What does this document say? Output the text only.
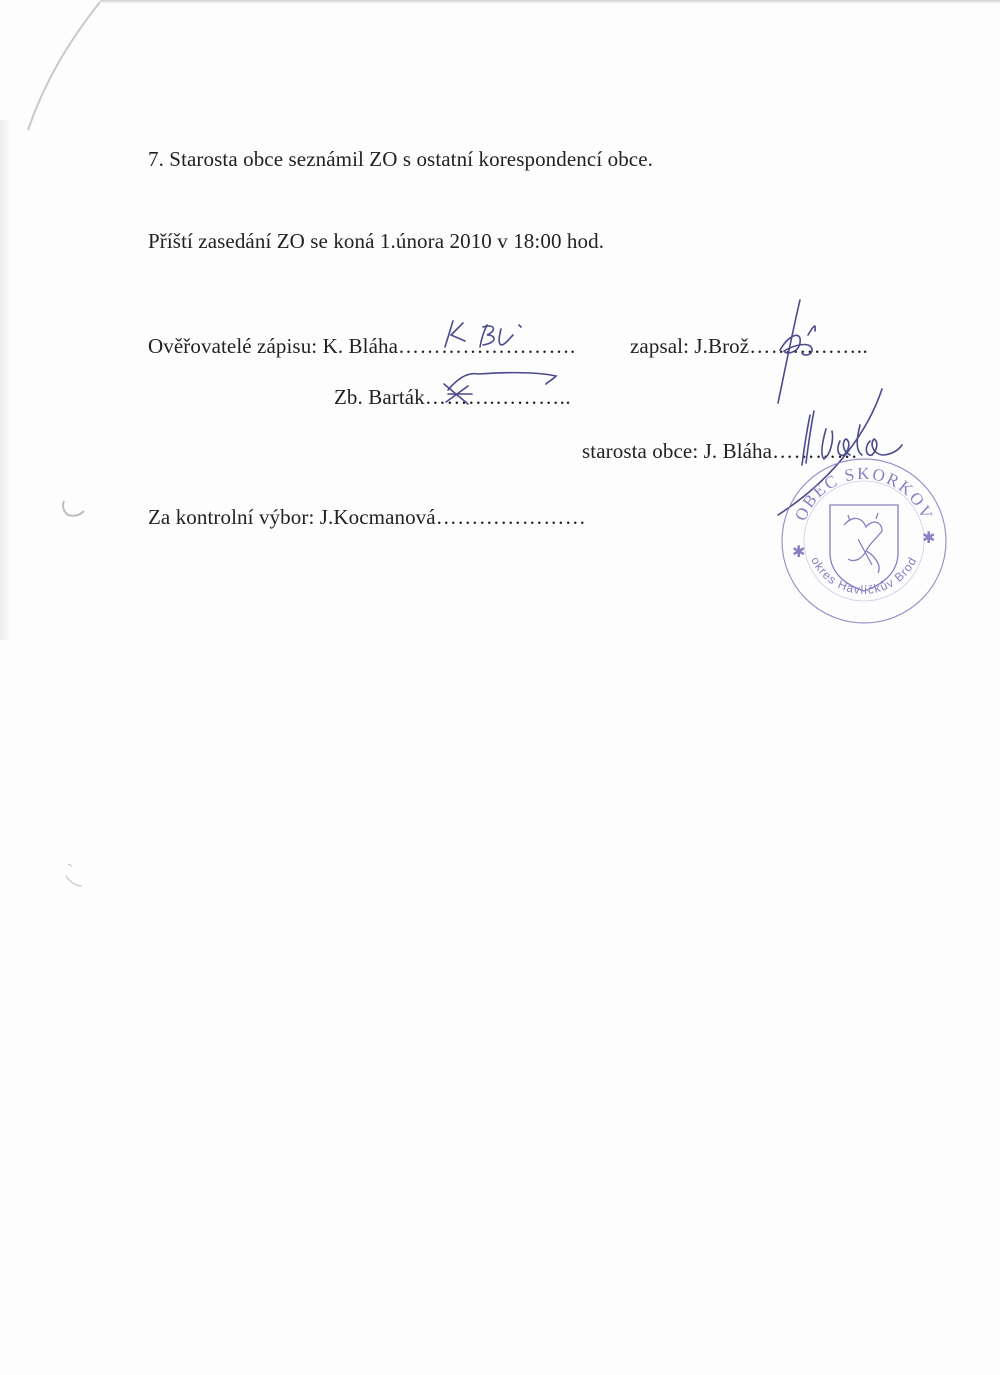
7. Starosta obce seznámil ZO s ostatní korespondencí obce.
Příští zasedání ZO se koná 1.února 2010 v 18:00 hod.
Ověřovatelé zápisu: K. Bláha…………………….	zapsal: J.Brož……………..
Zb. Barták……….………..
starosta obce: J. Bláha…………
Za kontrolní výbor: J.Kocmanová…………………	OBEC SKORKOV
okres Havlíčkův Brod
✱
✱
